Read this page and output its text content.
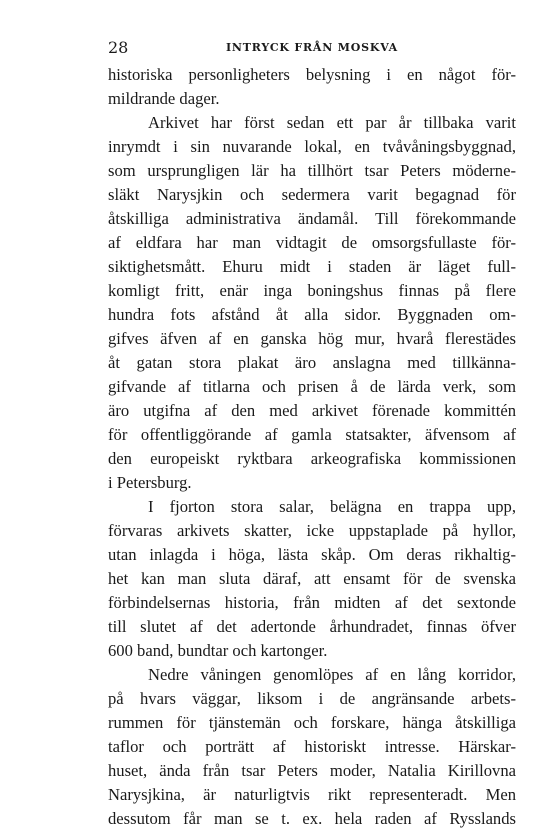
28	INTRYCK FRÅN MOSKVA
historiska personligheters belysning i en något för-
mildrande dager.
Arkivet har först sedan ett par år tillbaka varit
inrymdt i sin nuvarande lokal, en tvåvåningsbyggnad,
som ursprungligen lär ha tillhört tsar Peters möderne-
släkt Narysjkin och sedermera varit begagnad för
åtskilliga administrativa ändamål. Till förekommande
af eldfara har man vidtagit de omsorgsfullaste för-
siktighetsmått. Ehuru midt i staden är läget full-
komligt fritt, enär inga boningshus finnas på flere
hundra fots afstånd åt alla sidor. Byggnaden om-
gifves äfven af en ganska hög mur, hvarå flerestädes
åt gatan stora plakat äro anslagna med tillkänna-
gifvande af titlarna och prisen å de lärda verk, som
äro utgifna af den med arkivet förenade kommittén
för offentliggörande af gamla statsakter, äfvensom af
den europeiskt ryktbara arkeografiska kommissionen
i Petersburg.
I fjorton stora salar, belägna en trappa upp,
förvaras arkivets skatter, icke uppstaplade på hyllor,
utan inlagda i höga, lästa skåp. Om deras rikhaltig-
het kan man sluta däraf, att ensamt för de svenska
förbindelsernas historia, från midten af det sextonde
till slutet af det adertonde århundradet, finnas öfver
600 band, bundtar och kartonger.
Nedre våningen genomlöpes af en lång korridor,
på hvars väggar, liksom i de angränsande arbets-
rummen för tjänstemän och forskare, hänga åtskilliga
taflor och porträtt af historiskt intresse. Härskar-
huset, ända från tsar Peters moder, Natalia Kirillovna
Narysjkina, är naturligtvis rikt representeradt. Men
dessutom får man se t. ex. hela raden af Rysslands
